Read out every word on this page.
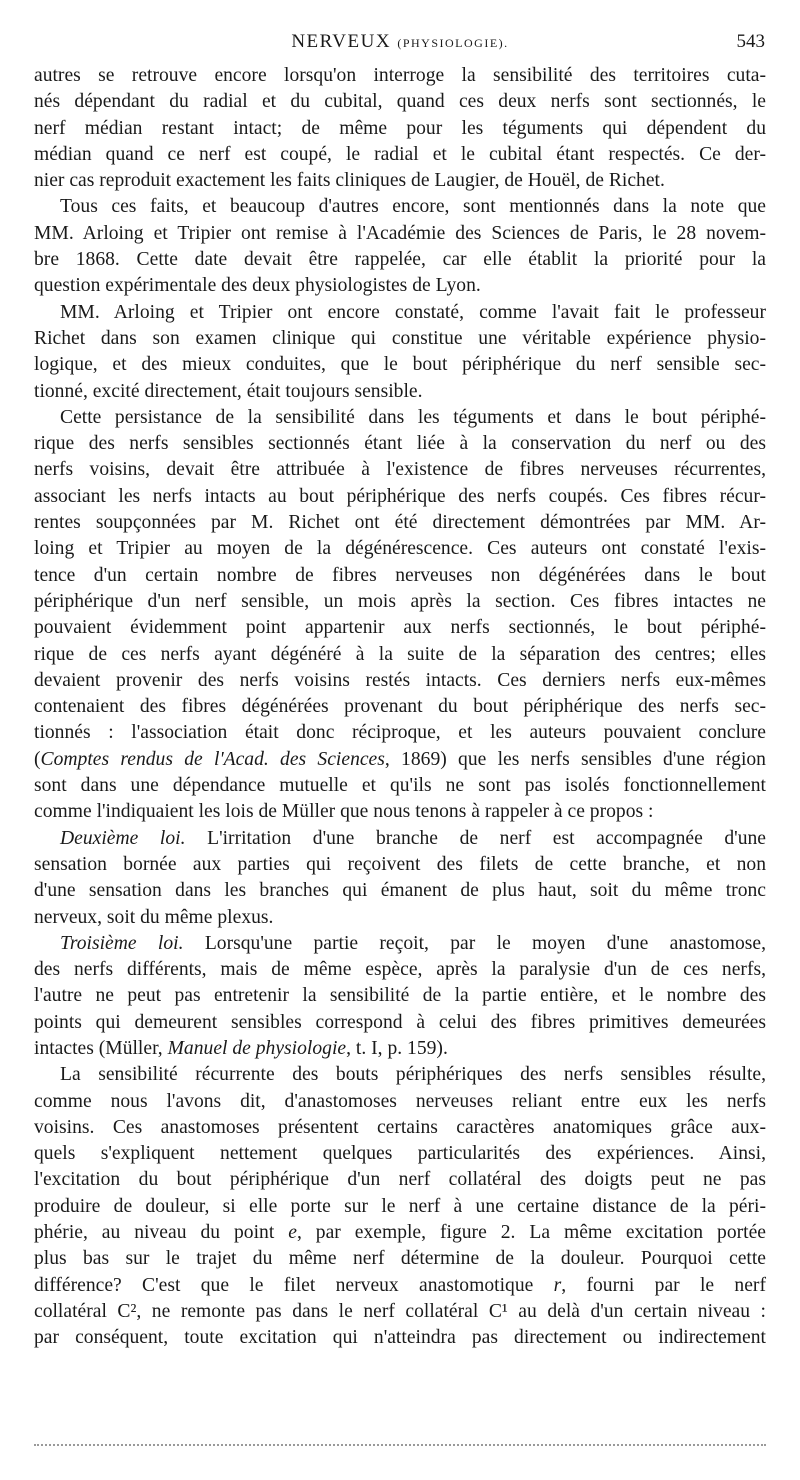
NERVEUX (PHYSIOLOGIE).	543

autres se retrouve encore lorsqu'on interroge la sensibilité des territoires cuta-

nés dépendant du radial et du cubital, quand ces deux nerfs sont sectionnés, le

nerf médian restant intact; de même pour les téguments qui dépendent du

médian quand ce nerf est coupé, le radial et le cubital étant respectés. Ce der-

nier cas reproduit exactement les faits cliniques de Laugier, de Houël, de Richet.

Tous ces faits, et beaucoup d'autres encore, sont mentionnés dans la note que

MM. Arloing et Tripier ont remise à l'Académie des Sciences de Paris, le 28 novem-

bre 1868. Cette date devait être rappelée, car elle établit la priorité pour la

question expérimentale des deux physiologistes de Lyon.

MM. Arloing et Tripier ont encore constaté, comme l'avait fait le professeur

Richet dans son examen clinique qui constitue une véritable expérience physio-

logique, et des mieux conduites, que le bout périphérique du nerf sensible sec-

tionné, excité directement, était toujours sensible.

Cette persistance de la sensibilité dans les téguments et dans le bout périphé-

rique des nerfs sensibles sectionnés étant liée à la conservation du nerf ou des

nerfs voisins, devait être attribuée à l'existence de fibres nerveuses récurrentes,

associant les nerfs intacts au bout périphérique des nerfs coupés. Ces fibres récur-

rentes soupçonnées par M. Richet ont été directement démontrées par MM. Ar-

loing et Tripier au moyen de la dégénérescence. Ces auteurs ont constaté l'exis-

tence d'un certain nombre de fibres nerveuses non dégénérées dans le bout

périphérique d'un nerf sensible, un mois après la section. Ces fibres intactes ne

pouvaient évidemment point appartenir aux nerfs sectionnés, le bout périphé-

rique de ces nerfs ayant dégénéré à la suite de la séparation des centres; elles

devaient provenir des nerfs voisins restés intacts. Ces derniers nerfs eux-mêmes

contenaient des fibres dégénérées provenant du bout périphérique des nerfs sec-

tionnés : l'association était donc réciproque, et les auteurs pouvaient conclure

(Comptes rendus de l'Acad. des Sciences, 1869) que les nerfs sensibles d'une région

sont dans une dépendance mutuelle et qu'ils ne sont pas isolés fonctionnellement

comme l'indiquaient les lois de Müller que nous tenons à rappeler à ce propos :

Deuxième loi. L'irritation d'une branche de nerf est accompagnée d'une

sensation bornée aux parties qui reçoivent des filets de cette branche, et non

d'une sensation dans les branches qui émanent de plus haut, soit du même tronc

nerveux, soit du même plexus.

Troisième loi. Lorsqu'une partie reçoit, par le moyen d'une anastomose,

des nerfs différents, mais de même espèce, après la paralysie d'un de ces nerfs,

l'autre ne peut pas entretenir la sensibilité de la partie entière, et le nombre des

points qui demeurent sensibles correspond à celui des fibres primitives demeurées

intactes (Müller, Manuel de physiologie, t. I, p. 159).

La sensibilité récurrente des bouts périphériques des nerfs sensibles résulte,

comme nous l'avons dit, d'anastomoses nerveuses reliant entre eux les nerfs

voisins. Ces anastomoses présentent certains caractères anatomiques grâce aux-

quels s'expliquent nettement quelques particularités des expériences. Ainsi,

l'excitation du bout périphérique d'un nerf collatéral des doigts peut ne pas

produire de douleur, si elle porte sur le nerf à une certaine distance de la péri-

phérie, au niveau du point e, par exemple, figure 2. La même excitation portée

plus bas sur le trajet du même nerf détermine de la douleur. Pourquoi cette

différence? C'est que le filet nerveux anastomotique r, fourni par le nerf

collatéral C², ne remonte pas dans le nerf collatéral C¹ au delà d'un certain niveau :

par conséquent, toute excitation qui n'atteindra pas directement ou indirectement
